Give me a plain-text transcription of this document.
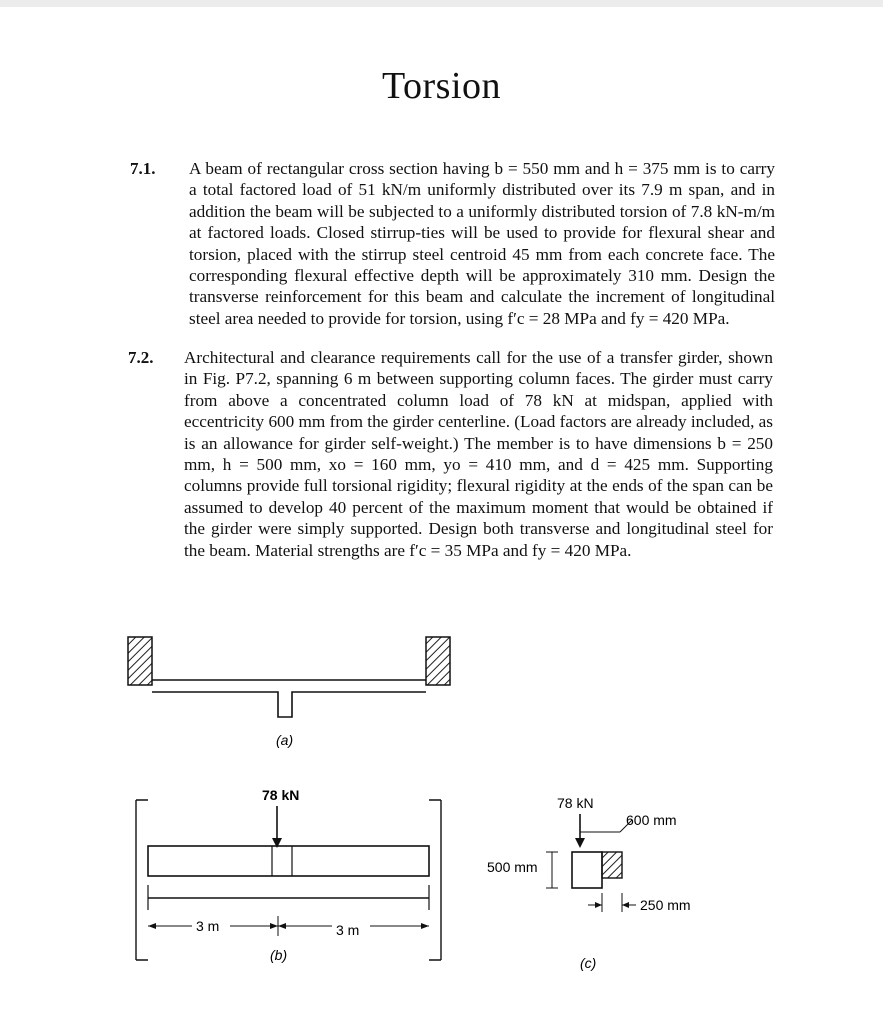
Torsion
7.1. A beam of rectangular cross section having b = 550 mm and h = 375 mm is to carry a total factored load of 51 kN/m uniformly distributed over its 7.9 m span, and in addition the beam will be subjected to a uniformly distributed torsion of 7.8 kN-m/m at factored loads. Closed stirrup-ties will be used to provide for flexural shear and torsion, placed with the stirrup steel centroid 45 mm from each concrete face. The corresponding flexural effective depth will be approximately 310 mm. Design the transverse reinforcement for this beam and calculate the increment of longitudinal steel area needed to provide for torsion, using f′c = 28 MPa and fy = 420 MPa.
7.2. Architectural and clearance requirements call for the use of a transfer girder, shown in Fig. P7.2, spanning 6 m between supporting column faces. The girder must carry from above a concentrated column load of 78 kN at midspan, applied with eccentricity 600 mm from the girder centerline. (Load factors are already included, as is an allowance for girder self-weight.) The member is to have dimensions b = 250 mm, h = 500 mm, xo = 160 mm, yo = 410 mm, and d = 425 mm. Supporting columns provide full torsional rigidity; flexural rigidity at the ends of the span can be assumed to develop 40 percent of the maximum moment that would be obtained if the girder were simply supported. Design both transverse and longitudinal steel for the beam. Material strengths are f′c = 35 MPa and fy = 420 MPa.
(a)
78 kN
3 m	3 m
(b)
78 kN
600 mm
500 mm
250 mm
(c)
